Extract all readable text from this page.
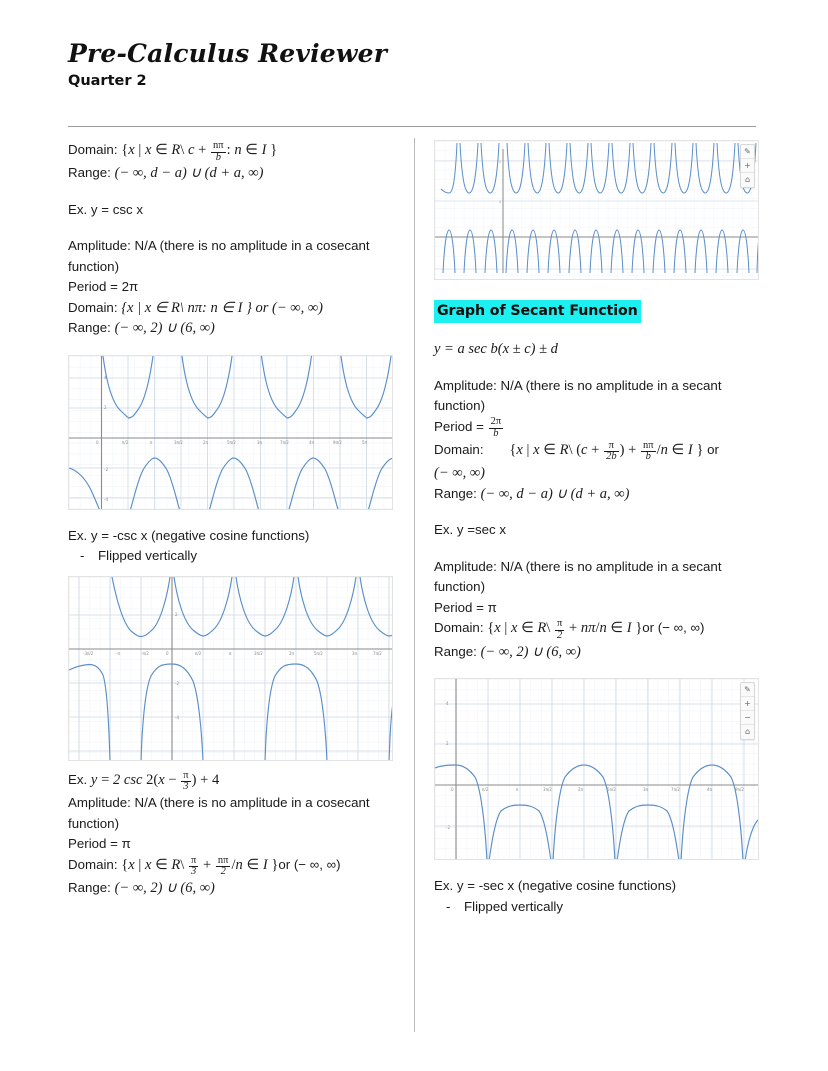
Pre-Calculus Reviewer
Quarter 2
Domain: {x | x ∈ R\ $c + \frac{n\pi}{b}$ : n ∈ I }
Range: (− ∞, d − a) ∪ (d + a, ∞)
Ex. y = csc x
Amplitude: N/A (there is no amplitude in a cosecant function)
Period = 2π
Domain: {x | x ∈ R\ nπ: n ∈ I } or (− ∞, ∞)
Range: (− ∞, 2) ∪ (6, ∞)
4
2
-2
-4
0	π/2	π	3π/2	2π	5π/2	3π	7π/2	4π	9π/2	5π
Ex. y = -csc x (negative cosine functions)
- Flipped vertically
2
-2
-4
-3π/2	-π	-π/2	0	π/2	π	3π/2	2π	5π/2	3π	7π/2
Ex. y = 2 $\csc 2(x - \frac{\pi}{3}$ ) + 4
Amplitude: N/A (there is no amplitude in a cosecant function)
Period = π
Domain: {x | x ∈ R\ $\frac{\pi}{3} + \frac{n\pi}{2} /n$ ∈ I }or (− ∞, ∞)
Range: (− ∞, 2) ∪ (6, ∞)
2
0
✎
+
⌂
Graph of Secant Function
y = a sec b(x ± c) ± d
Amplitude: N/A (there is no amplitude in a secant function)
Period = $\frac{2\pi}{b}$
Domain: {x | x ∈ R\ ($c + \frac{\pi}{2b}$ ) + $\frac{n\pi}{b} /n$ ∈ I } or
(− ∞, ∞)
Range: (− ∞, d − a) ∪ (d + a, ∞)
Ex. y =sec x
Amplitude: N/A (there is no amplitude in a secant function)
Period = π
Domain: {x | x ∈ R\ $\frac{\pi}{2} + n\pi/n$ ∈ I }or (− ∞, ∞)
Range: (− ∞, 2) ∪ (6, ∞)
4
2
-2
0	π/2	π	3π/2	2π	5π/2	3π	7π/2	4π	9π/2
✎
+
−
⌂
Ex. y = -sec x (negative cosine functions)
- Flipped vertically
